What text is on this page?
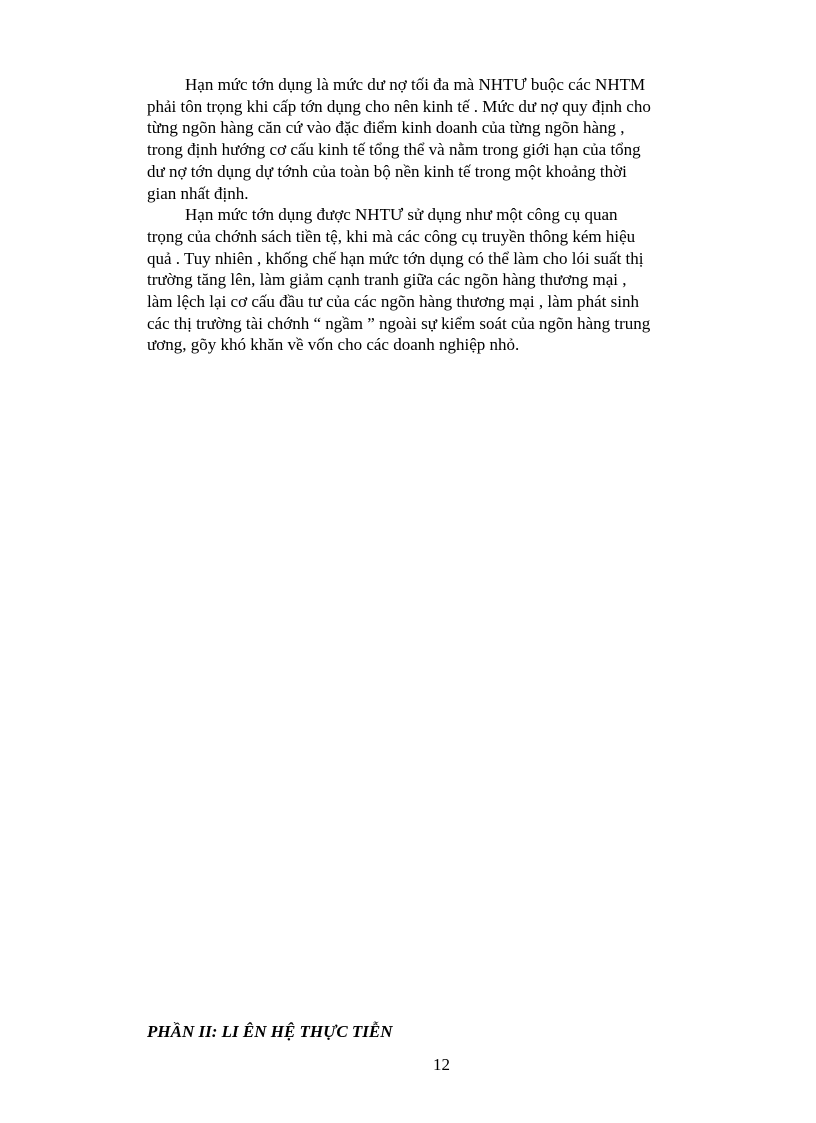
Hạn mức tớn dụng là mức dư nợ tối đa mà NHTƯ buộc các NHTM
phải tôn trọng khi cấp tớn dụng cho nên kinh tế . Mức dư nợ quy định cho
từng ngõn hàng căn cứ vào đặc điểm kinh doanh của từng ngõn hàng ,
trong định hướng cơ cấu kinh tế tổng thể và nằm trong giới hạn của tổng
dư nợ tớn dụng dự tớnh của toàn bộ nền kinh tế trong một khoảng thời
gian nhất định.

Hạn mức tớn dụng được NHTƯ sử dụng như một công cụ quan
trọng của chớnh sách tiền tệ, khi mà các công cụ truyền thông kém hiệu
quả . Tuy nhiên , khống chế hạn mức tớn dụng có thể làm cho lói suất thị
trường tăng lên, làm giảm cạnh tranh giữa các ngõn hàng thương mại ,
làm lệch lại cơ cấu đầu tư của các ngõn hàng thương mại , làm phát sinh
các thị trường tài chớnh “ ngầm ” ngoài sự kiểm soát của ngõn hàng trung
ương, gõy khó khăn về vốn cho các doanh nghiệp nhỏ.

PHẦN II: LI ÊN HỆ THỰC TIỄN
12
